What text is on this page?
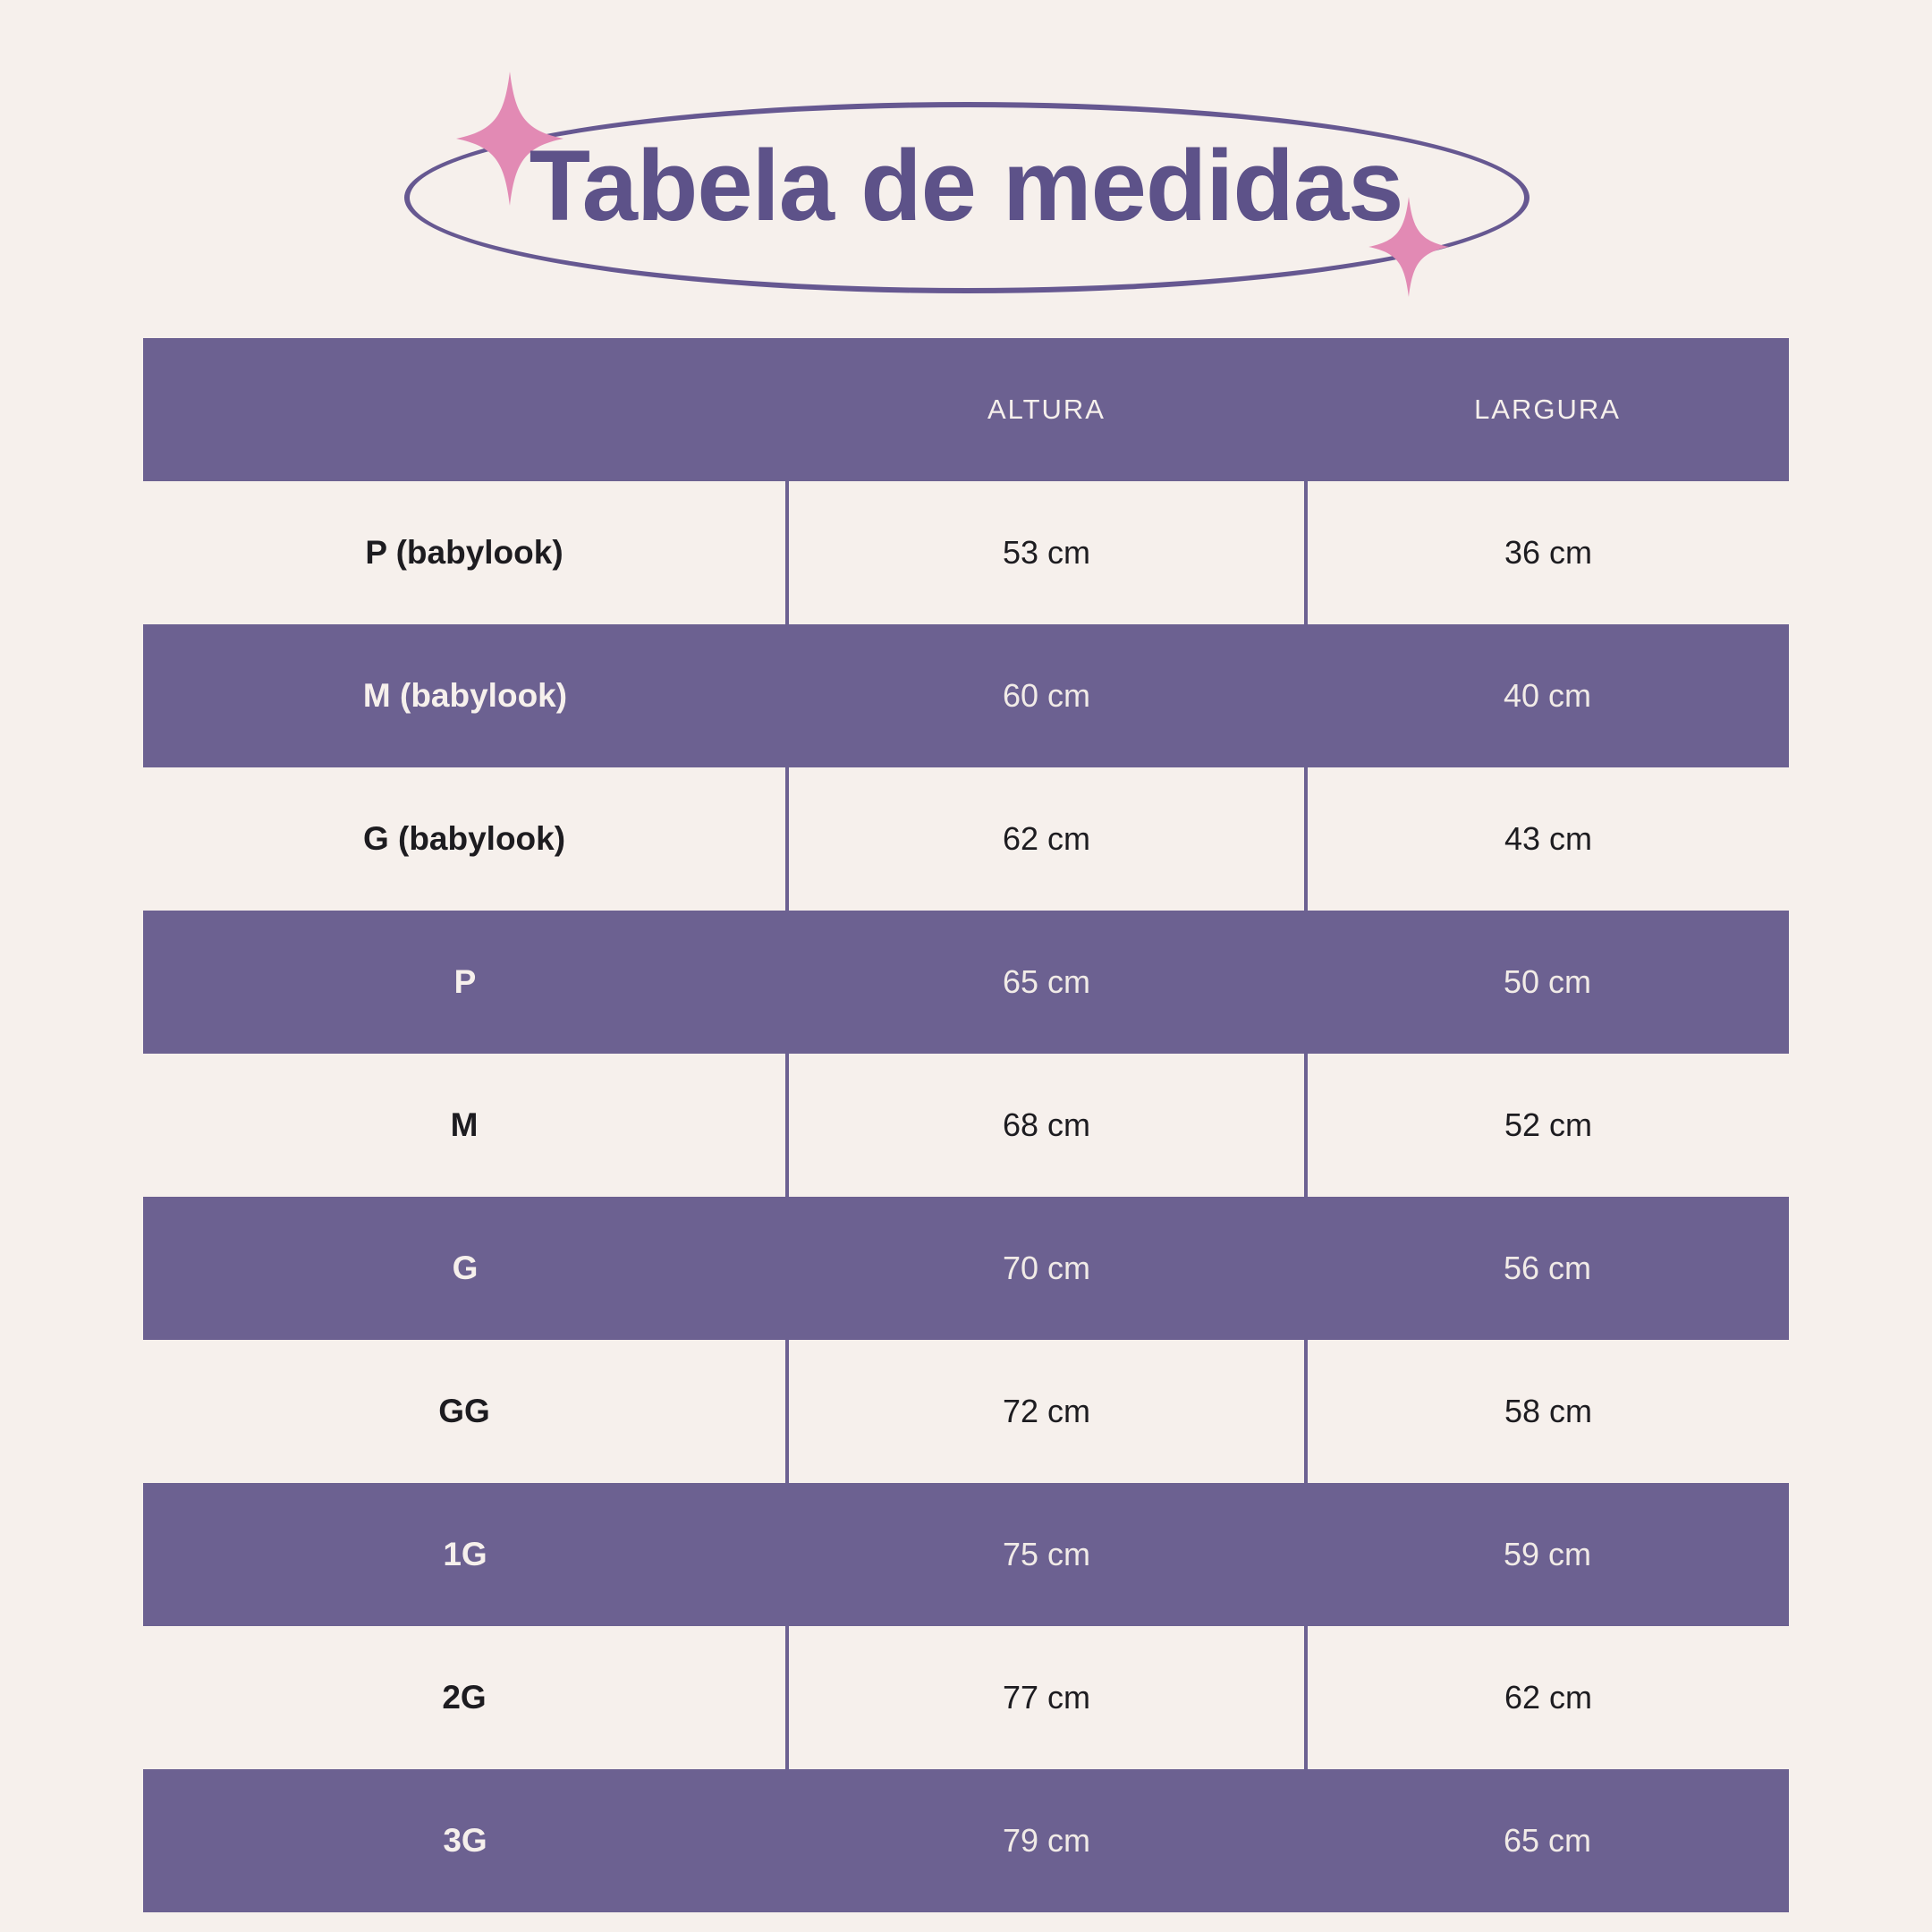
Tabela de medidas
	ALTURA	LARGURA
P (babylook)	53 cm	36 cm
M (babylook)	60 cm	40 cm
G (babylook)	62 cm	43 cm
P	65 cm	50 cm
M	68 cm	52 cm
G	70 cm	56 cm
GG	72 cm	58 cm
1G	75 cm	59 cm
2G	77 cm	62 cm
3G	79 cm	65 cm
